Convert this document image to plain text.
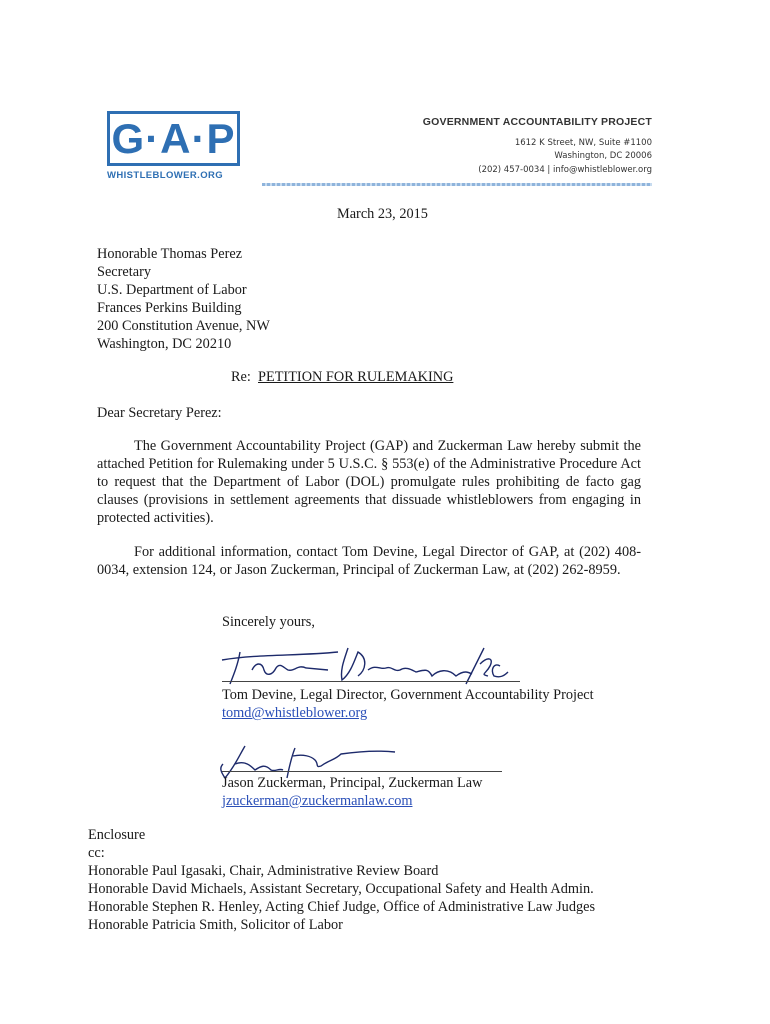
G·A·P
WHISTLEBLOWER.ORG
GOVERNMENT ACCOUNTABILITY PROJECT
1612 K Street, NW, Suite #1100
Washington, DC 20006
(202) 457-0034 | info@whistleblower.org
March 23, 2015
Honorable Thomas Perez
Secretary
U.S. Department of Labor
Frances Perkins Building
200 Constitution Avenue, NW
Washington, DC 20210
Re: PETITION FOR RULEMAKING
Dear Secretary Perez:
The Government Accountability Project (GAP) and Zuckerman Law hereby submit the attached Petition for Rulemaking under 5 U.S.C. § 553(e) of the Administrative Procedure Act to request that the Department of Labor (DOL) promulgate rules prohibiting de facto gag clauses (provisions in settlement agreements that dissuade whistleblowers from engaging in protected activities).
For additional information, contact Tom Devine, Legal Director of GAP, at (202) 408-0034, extension 124, or Jason Zuckerman, Principal of Zuckerman Law, at (202) 262-8959.
Sincerely yours,
Tom Devine, Legal Director, Government Accountability Project
tomd@whistleblower.org
Jason Zuckerman, Principal, Zuckerman Law
jzuckerman@zuckermanlaw.com
Enclosure
cc:
Honorable Paul Igasaki, Chair, Administrative Review Board
Honorable David Michaels, Assistant Secretary, Occupational Safety and Health Admin.
Honorable Stephen R. Henley, Acting Chief Judge, Office of Administrative Law Judges
Honorable Patricia Smith, Solicitor of Labor
